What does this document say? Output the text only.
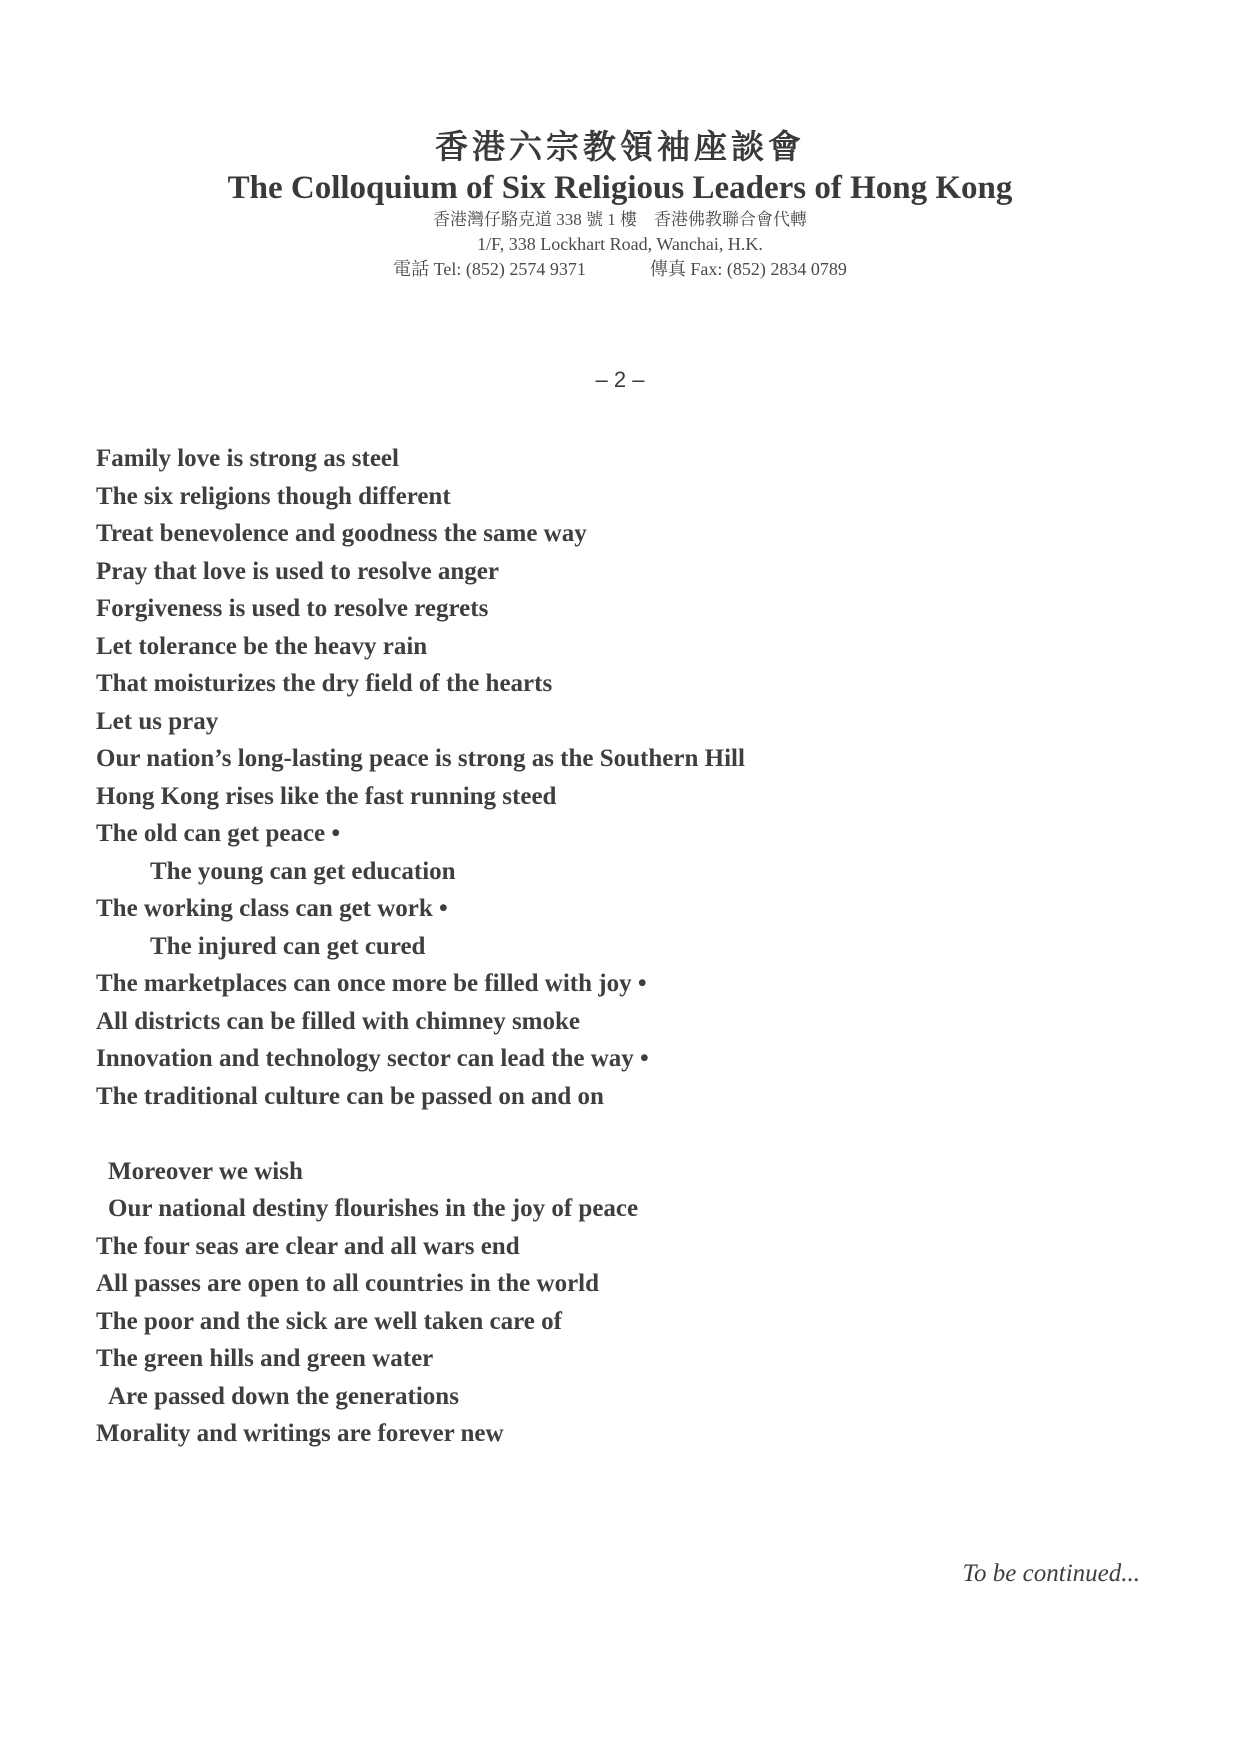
香港六宗教領袖座談會
The Colloquium of Six Religious Leaders of Hong Kong
香港灣仔駱克道 338 號 1 樓　香港佛教聯合會代轉
1/F, 338 Lockhart Road, Wanchai, H.K.
電話 Tel: (852) 2574 9371	傳真 Fax: (852) 2834 0789
– 2 –
Family love is strong as steel
The six religions though different
Treat benevolence and goodness the same way
Pray that love is used to resolve anger
Forgiveness is used to resolve regrets
Let tolerance be the heavy rain
That moisturizes the dry field of the hearts
Let us pray
Our nation’s long-lasting peace is strong as the Southern Hill
Hong Kong rises like the fast running steed
The old can get peace •
The young can get education
The working class can get work •
The injured can get cured
The marketplaces can once more be filled with joy •
All districts can be filled with chimney smoke
Innovation and technology sector can lead the way •
The traditional culture can be passed on and on
Moreover we wish
Our national destiny flourishes in the joy of peace
The four seas are clear and all wars end
All passes are open to all countries in the world
The poor and the sick are well taken care of
The green hills and green water
Are passed down the generations
Morality and writings are forever new
To be continued...
